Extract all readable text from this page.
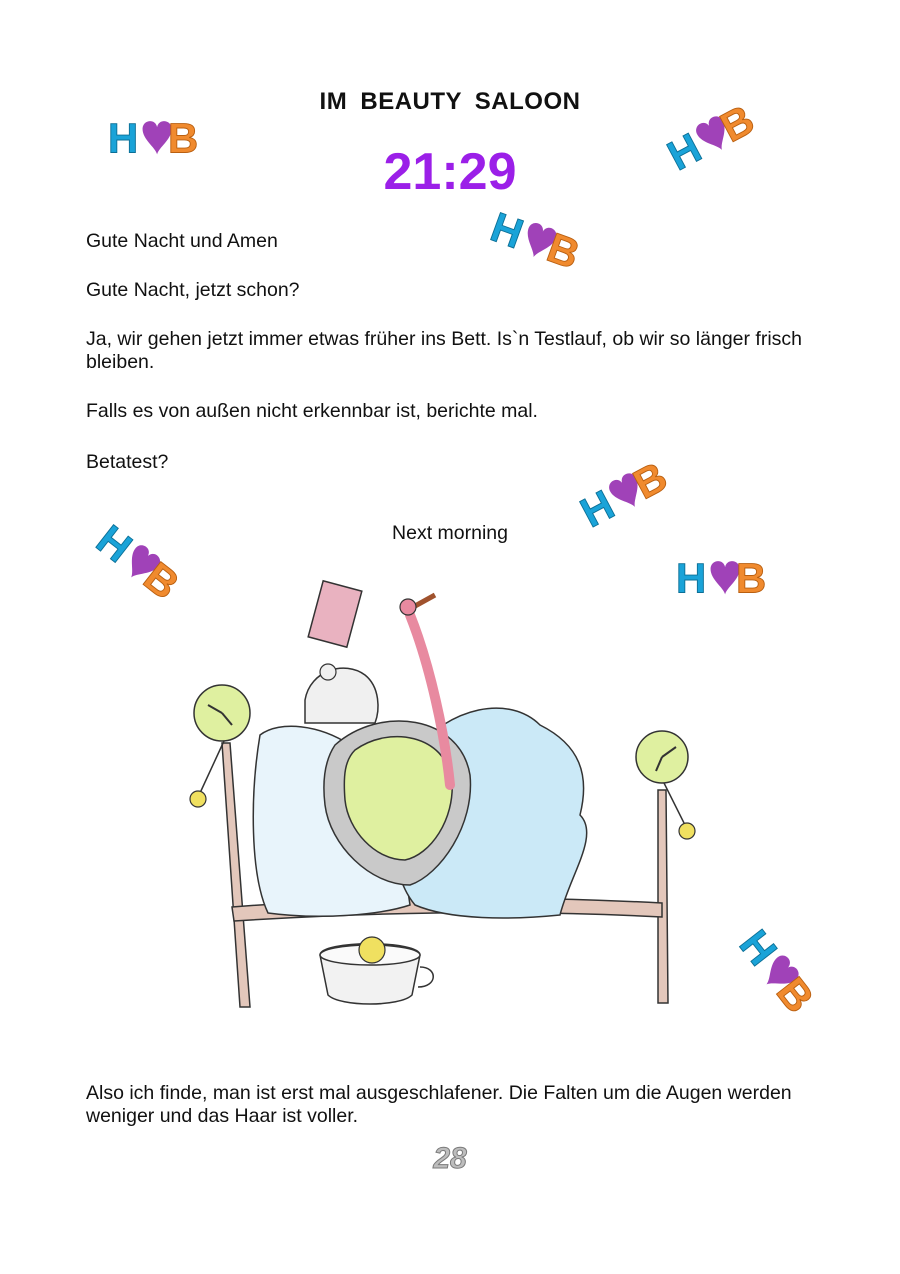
IM BEAUTY SALOON
21:29
Gute Nacht und Amen
Gute Nacht, jetzt schon?
Ja, wir gehen jetzt immer etwas früher ins Bett. Is`n Testlauf, ob wir so länger frisch bleiben.
Falls es von außen nicht erkennbar ist, berichte mal.
Betatest?
Next morning
Also ich finde, man ist erst mal ausgeschlafener. Die Falten um die Augen werden weniger und das Haar ist voller.
28
